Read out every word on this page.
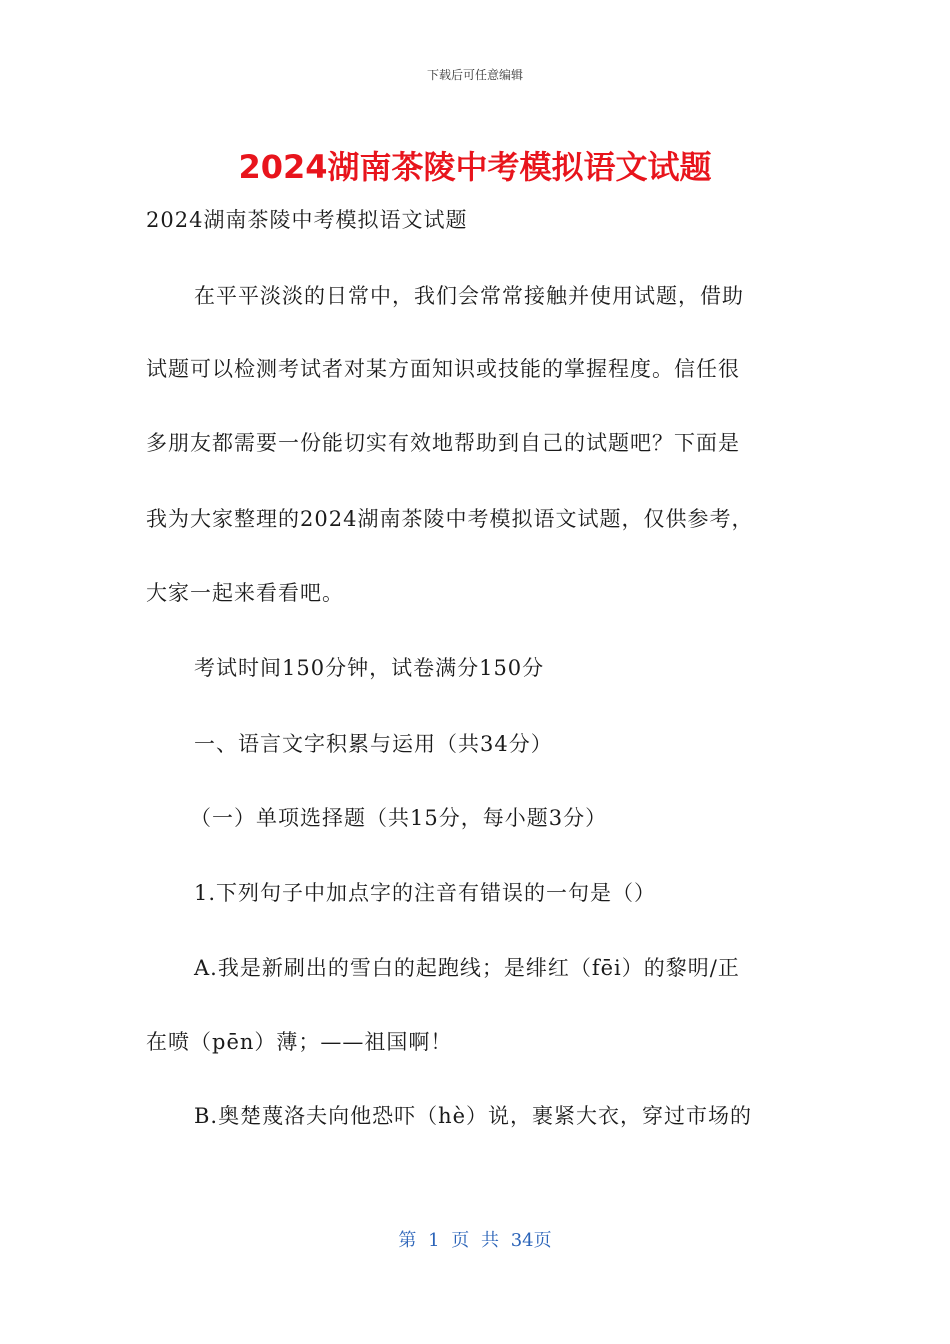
下载后可任意编辑
2024湖南茶陵中考模拟语文试题
2024湖南茶陵中考模拟语文试题
在平平淡淡的日常中，我们会常常接触并使用试题，借助
试题可以检测考试者对某方面知识或技能的掌握程度。信任很
多朋友都需要一份能切实有效地帮助到自己的试题吧？下面是
我为大家整理的2024湖南茶陵中考模拟语文试题，仅供参考，
大家一起来看看吧。
考试时间150分钟，试卷满分150分
一、语言文字积累与运用（共34分）
（一）单项选择题（共15分，每小题3分）
1.下列句子中加点字的注音有错误的一句是（）
A.我是新刷出的雪白的起跑线；是绯红（fēi）的黎明/正
在喷（pēn）薄；——祖国啊！
B.奥楚蔑洛夫向他恐吓（hè）说，裹紧大衣，穿过市场的
第 1 页 共 34页
